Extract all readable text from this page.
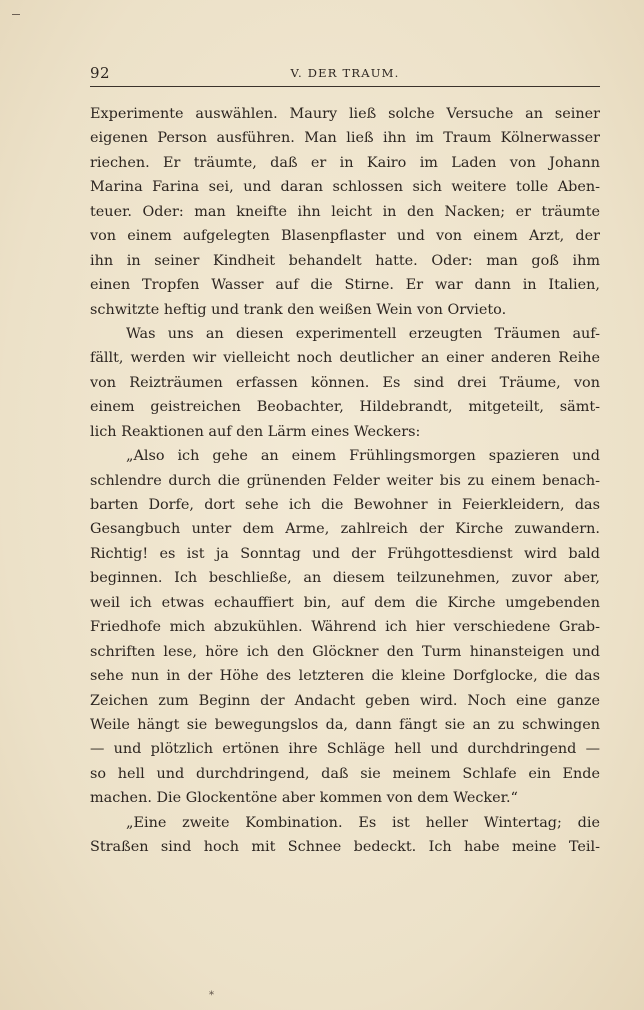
92	V. DER TRAUM.
Experimente auswählen. Maury ließ solche Versuche an seiner
eigenen Person ausführen. Man ließ ihn im Traum Kölnerwasser
riechen. Er träumte, daß er in Kairo im Laden von Johann
Marina Farina sei, und daran schlossen sich weitere tolle Aben-
teuer. Oder: man kneifte ihn leicht in den Nacken; er träumte
von einem aufgelegten Blasenpflaster und von einem Arzt, der
ihn in seiner Kindheit behandelt hatte. Oder: man goß ihm
einen Tropfen Wasser auf die Stirne. Er war dann in Italien,
schwitzte heftig und trank den weißen Wein von Orvieto.
Was uns an diesen experimentell erzeugten Träumen auf-
fällt, werden wir vielleicht noch deutlicher an einer anderen Reihe
von Reizträumen erfassen können. Es sind drei Träume, von
einem geistreichen Beobachter, Hildebrandt, mitgeteilt, sämt-
lich Reaktionen auf den Lärm eines Weckers:
„Also ich gehe an einem Frühlingsmorgen spazieren und
schlendre durch die grünenden Felder weiter bis zu einem benach-
barten Dorfe, dort sehe ich die Bewohner in Feierkleidern, das
Gesangbuch unter dem Arme, zahlreich der Kirche zuwandern.
Richtig! es ist ja Sonntag und der Frühgottesdienst wird bald
beginnen. Ich beschließe, an diesem teilzunehmen, zuvor aber,
weil ich etwas echauffiert bin, auf dem die Kirche umgebenden
Friedhofe mich abzukühlen. Während ich hier verschiedene Grab-
schriften lese, höre ich den Glöckner den Turm hinansteigen und
sehe nun in der Höhe des letzteren die kleine Dorfglocke, die das
Zeichen zum Beginn der Andacht geben wird. Noch eine ganze
Weile hängt sie bewegungslos da, dann fängt sie an zu schwingen
— und plötzlich ertönen ihre Schläge hell und durchdringend —
so hell und durchdringend, daß sie meinem Schlafe ein Ende
machen. Die Glockentöne aber kommen von dem Wecker.“
„Eine zweite Kombination. Es ist heller Wintertag; die
Straßen sind hoch mit Schnee bedeckt. Ich habe meine Teil-
*
